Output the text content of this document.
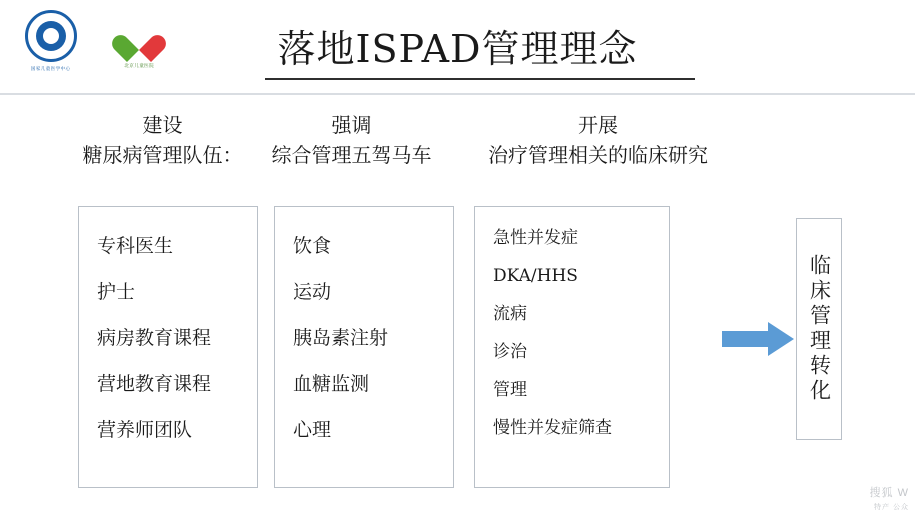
国家儿童医学中心
北京儿童医院	落地ISPAD管理理念
建设
糖尿病管理队伍：
强调
综合管理五驾马车
开展
治疗管理相关的临床研究
专科医生
护士
病房教育课程
营地教育课程
营养师团队
饮食
运动
胰岛素注射
血糖监测
心理
急性并发症
DKA/HHS
流病
诊治
管理
慢性并发症筛查
临床管理转化
搜狐 W
特产 公众
